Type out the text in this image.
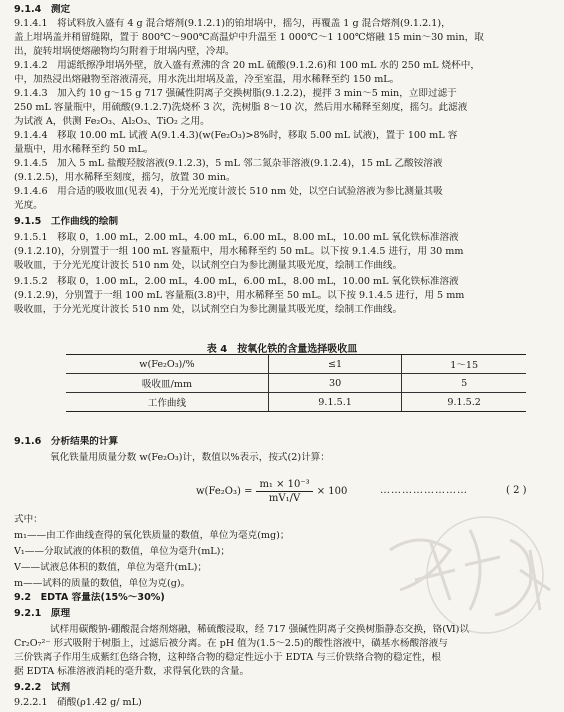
9.1.4　测定
9.1.4.1　将试料放入盛有 4 g 混合熔剂(9.1.2.1)的铂坩埚中，摇匀，再覆盖 1 g 混合熔剂(9.1.2.1)，
盖上坩埚盖并稍留缝隙，置于 800℃～900℃高温炉中升温至 1 000℃～1 100℃熔融 15 min～30 min，取
出，旋转坩埚使熔融物均匀附着于坩埚内壁，冷却。
9.1.4.2　用滤纸擦净坩埚外壁，放入盛有煮沸的含 20 mL 硫酸(9.1.2.6)和 100 mL 水的 250 mL 烧杯中，
中，加热浸出熔融物至溶液清亮，用水洗出坩埚及盖，冷至室温，用水稀释至约 150 mL。
9.1.4.3　加入约 10 g～15 g 717 强碱性阴离子交换树脂(9.1.2.2)，搅拌 3 min～5 min，立即过滤于
250 mL 容量瓶中，用硫酸(9.1.2.7)洗烧杯 3 次，洗树脂 8～10 次，然后用水稀释至刻度，摇匀。此滤液
为试液 A，供测 Fe₂O₃、Al₂O₃、TiO₂ 之用。
9.1.4.4　移取 10.00 mL 试液 A(9.1.4.3)(w(Fe₂O₃)>8%时，移取 5.00 mL 试液)，置于 100 mL 容
量瓶中，用水稀释至约 50 mL。
9.1.4.5　加入 5 mL 盐酸羟胺溶液(9.1.2.3)，5 mL 邻二氮杂菲溶液(9.1.2.4)，15 mL 乙酸铵溶液
(9.1.2.5)，用水稀释至刻度，摇匀，放置 30 min。
9.1.4.6　用合适的吸收皿(见表 4)，于分光光度计波长 510 nm 处，以空白试验溶液为参比测量其吸
光度。
9.1.5　工作曲线的绘制
9.1.5.1　移取 0，1.00 mL，2.00 mL，4.00 mL，6.00 mL，8.00 mL，10.00 mL 氧化铁标准溶液
(9.1.2.10)，分别置于一组 100 mL 容量瓶中，用水稀释至约 50 mL。以下按 9.1.4.5 进行，用 30 mm
吸收皿，于分光光度计波长 510 nm 处，以试剂空白为参比测量其吸光度，绘制工作曲线。
9.1.5.2　移取 0，1.00 mL，2.00 mL，4.00 mL，6.00 mL，8.00 mL，10.00 mL 氧化铁标准溶液
(9.1.2.9)，分别置于一组 100 mL 容量瓶(3.8)中，用水稀释至 50 mL。以下按 9.1.4.5 进行，用 5 mm
吸收皿，于分光光度计波长 510 nm 处，以试剂空白为参比测量其吸光度，绘制工作曲线。
9.1.6　分析结果的计算
氧化铁量用质量分数 w(Fe₂O₃)计，数值以%表示，按式(2)计算：
式中：
m₁——由工作曲线查得的氧化铁质量的数值，单位为毫克(mg)；
V₁——分取试液的体积的数值，单位为毫升(mL)；
V——试液总体积的数值，单位为毫升(mL)；
m——试料的质量的数值，单位为克(g)。
9.2　EDTA 容量法(15%～30%)
9.2.1　原理
试样用碳酸钠-硼酸混合熔剂熔融，稀硫酸浸取，经 717 强碱性阴离子交换树脂静态交换，铬(Ⅵ)以
Cr₂O₇²⁻ 形式吸附于树脂上，过滤后被分离。在 pH 值为(1.5～2.5)的酸性溶液中，磺基水杨酸溶液与
三价铁离子作用生成紫红色络合物，这种络合物的稳定性远小于 EDTA 与三价铁络合物的稳定性，根
据 EDTA 标准溶液消耗的毫升数，求得氧化铁的含量。
9.2.2　试剂
9.2.2.1　硝酸(ρ1.42 g/ mL)
表 4　按氧化铁的含量选择吸收皿
w(Fe₂O₃)/%	≤1	1～15
吸收皿/mm	30	5
工作曲线	9.1.5.1	9.1.5.2
$w(Fe_2O_3) = \frac{\text{m₁ × 10⁻³}}{\text{mV₁/V}} \times 100$	……………………	( 2 )
